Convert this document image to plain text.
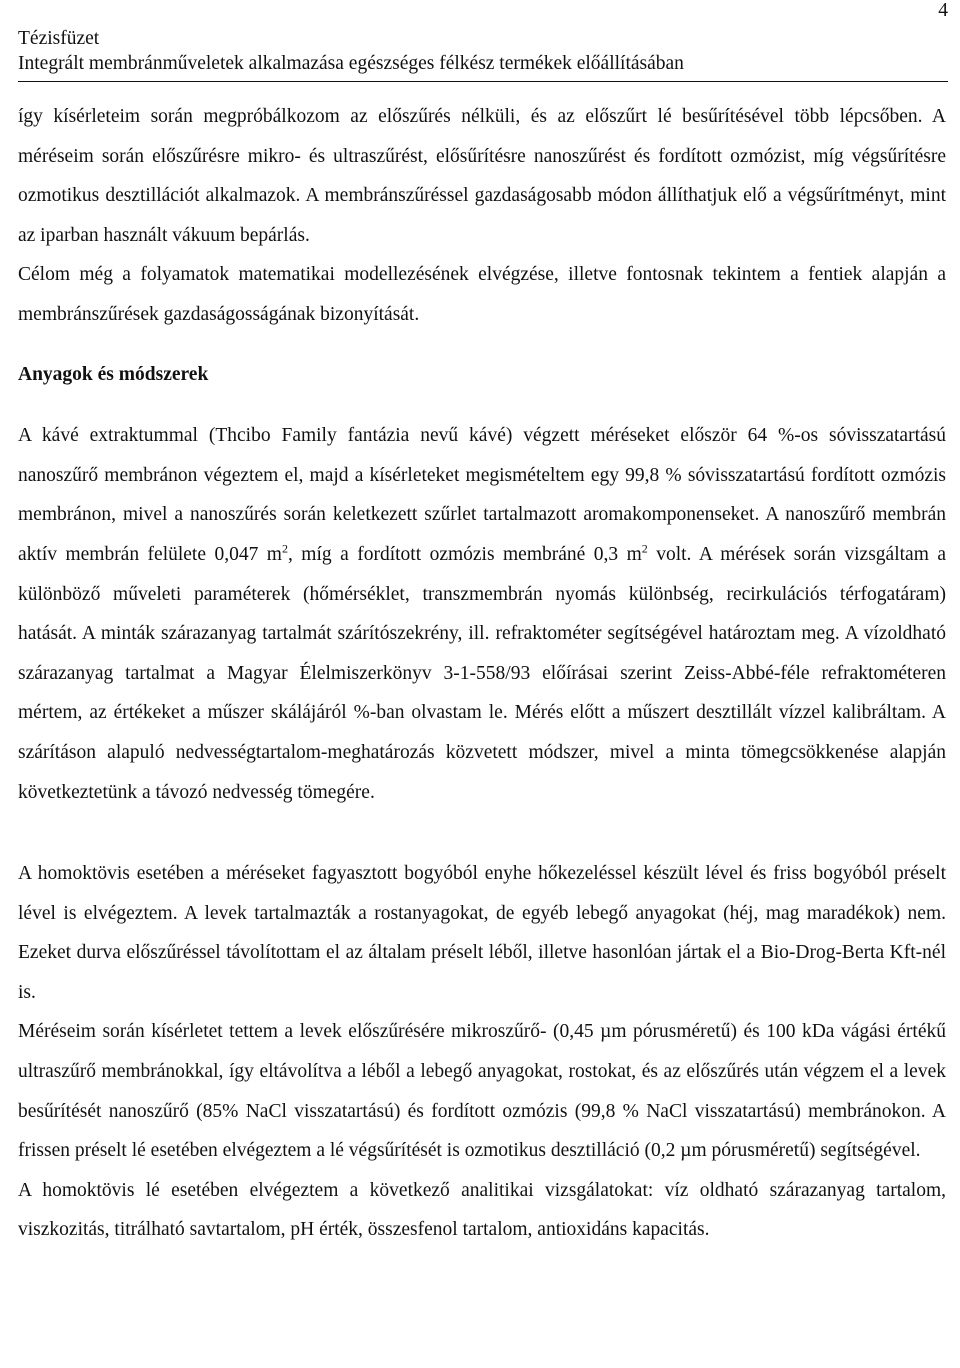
4
Tézisfüzet
Integrált membránműveletek alkalmazása egészséges félkész termékek előállításában

így kísérleteim során megpróbálkozom az előszűrés nélküli, és az előszűrt lé besűrítésével több lépcsőben. A méréseim során előszűrésre mikro- és ultraszűrést, elősűrítésre nanoszűrést és fordított ozmózist, míg végsűrítésre ozmotikus desztillációt alkalmazok. A membránszűréssel gazdaságosabb módon állíthatjuk elő a végsűrítményt, mint az iparban használt vákuum bepárlás.

Célom még a folyamatok matematikai modellezésének elvégzése, illetve fontosnak tekintem a fentiek alapján a membránszűrések gazdaságosságának bizonyítását.

Anyagok és módszerek

A kávé extraktummal (Thcibo Family fantázia nevű kávé) végzett méréseket először 64 %-os sóvisszatartású nanoszűrő membránon végeztem el, majd a kísérleteket megismételtem egy 99,8 % sóvisszatartású fordított ozmózis membránon, mivel a nanoszűrés során keletkezett szűrlet tartalmazott aromakomponenseket. A nanoszűrő membrán aktív membrán felülete 0,047 $m^2$, míg a fordított ozmózis membráné 0,3 $m^2$ volt. A mérések során vizsgáltam a különböző műveleti paraméterek (hőmérséklet, transzmembrán nyomás különbség, recirkulációs térfogatáram) hatását. A minták szárazanyag tartalmát szárítószekrény, ill. refraktométer segítségével határoztam meg. A vízoldható szárazanyag tartalmat a Magyar Élelmiszerkönyv 3-1-558/93 előírásai szerint Zeiss-Abbé-féle refraktométeren mértem, az értékeket a műszer skálájáról %-ban olvastam le. Mérés előtt a műszert desztillált vízzel kalibráltam. A szárításon alapuló nedvességtartalom-meghatározás közvetett módszer, mivel a minta tömegcsökkenése alapján következtetünk a távozó nedvesség tömegére.

A homoktövis esetében a méréseket fagyasztott bogyóból enyhe hőkezeléssel készült lével és friss bogyóból préselt lével is elvégeztem. A levek tartalmazták a rostanyagokat, de egyéb lebegő anyagokat (héj, mag maradékok) nem. Ezeket durva előszűréssel távolítottam el az általam préselt léből, illetve hasonlóan jártak el a Bio-Drog-Berta Kft-nél is.

Méréseim során kísérletet tettem a levek előszűrésére mikroszűrő- (0,45 µm pórusméretű) és 100 kDa vágási értékű ultraszűrő membránokkal, így eltávolítva a léből a lebegő anyagokat, rostokat, és az előszűrés után végzem el a levek besűrítését nanoszűrő (85% NaCl visszatartású) és fordított ozmózis (99,8 % NaCl visszatartású) membránokon. A frissen préselt lé esetében elvégeztem a lé végsűrítését is ozmotikus desztilláció (0,2 µm pórusméretű) segítségével.

A homoktövis lé esetében elvégeztem a következő analitikai vizsgálatokat: víz oldható szárazanyag tartalom, viszkozitás, titrálható savtartalom, pH érték, összesfenol tartalom, antioxidáns kapacitás.
